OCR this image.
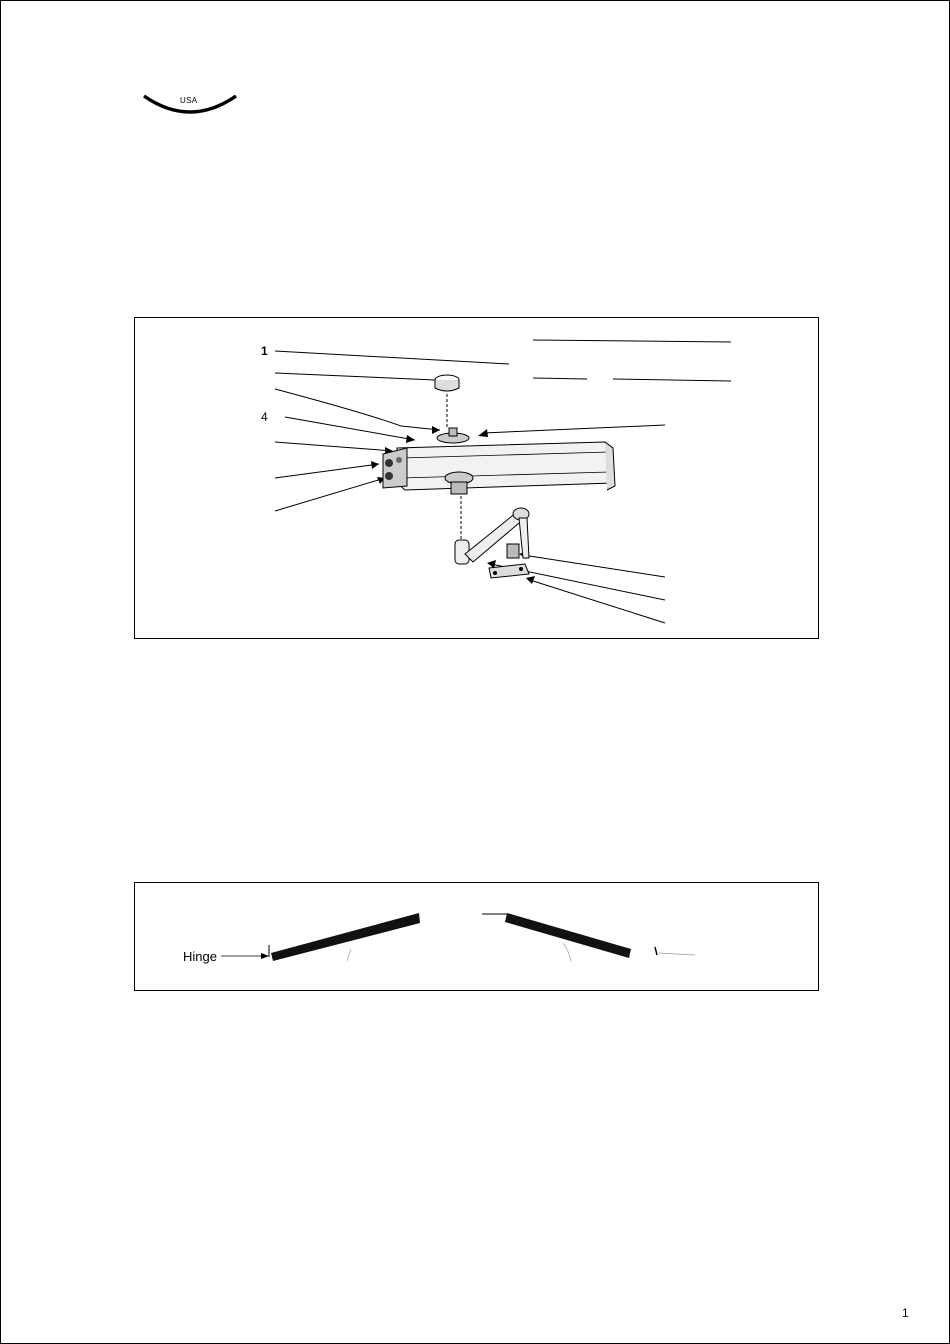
USA
1
4
Hinge
1
